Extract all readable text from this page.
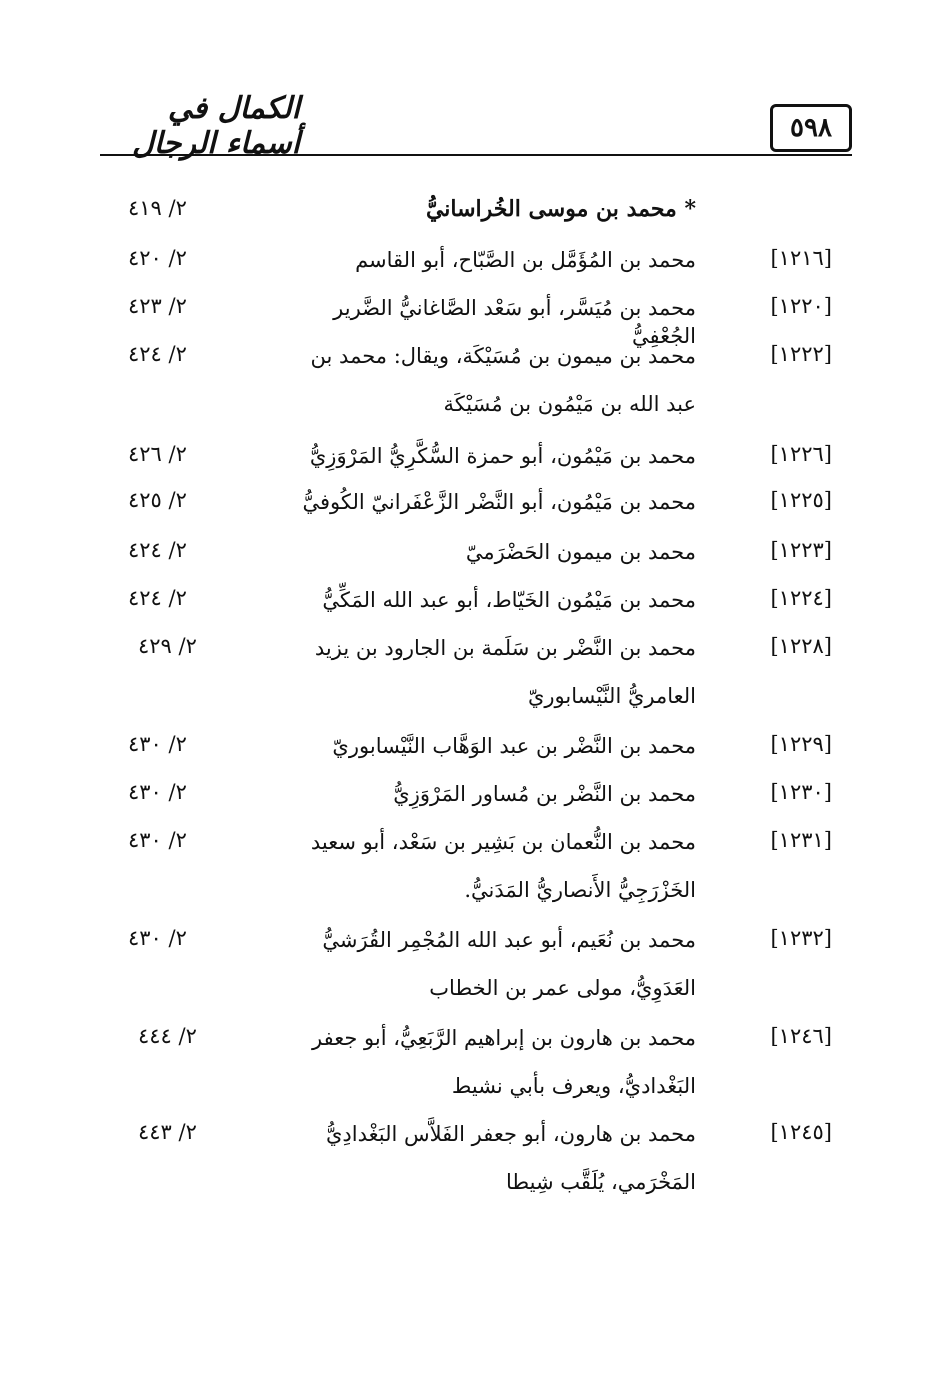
٥٩٨
الكمال في أسماء الرجال
* محمد بن موسى الخُراسانيُّ
٢/ ٤١٩
[١٢١٦]
محمد بن المُؤَمَّل بن الصَّبّاح، أبو القاسم
٢/ ٤٢٠
[١٢٢٠]
محمد بن مُيَسَّر، أبو سَعْد الصَّاغانيُّ الضَّرير الجُعْفِيُّ
٢/ ٤٢٣
[١٢٢٢]
محمد بن ميمون بن مُسَيْكَة، ويقال: محمد بن عبد الله بن مَيْمُون بن مُسَيْكَة
٢/ ٤٢٤
[١٢٢٦]
محمد بن مَيْمُون، أبو حمزة السُّكَّرِيُّ المَرْوَزِيُّ
٢/ ٤٢٦
[١٢٢٥]
محمد بن مَيْمُون، أبو النَّضْر الزَّعْفَرانيّ الكُوفيُّ
٢/ ٤٢٥
[١٢٢٣]
محمد بن ميمون الحَضْرَميّ
٢/ ٤٢٤
[١٢٢٤]
محمد بن مَيْمُون الخَيّاط، أبو عبد الله المَكِّيُّ
٢/ ٤٢٤
[١٢٢٨]
محمد بن النَّضْر بن سَلَمة بن الجارود بن يزيد العامريُّ النَّيْسابوريّ
٢/ ٤٢٩
[١٢٢٩]
محمد بن النَّضْر بن عبد الوَهَّاب النَّيْسابوريّ
٢/ ٤٣٠
[١٢٣٠]
محمد بن النَّضْر بن مُساور المَرْوَزِيُّ
٢/ ٤٣٠
[١٢٣١]
محمد بن النُّعمان بن بَشِير بن سَعْد، أبو سعيد الخَزْرَجِيُّ الأَنصاريُّ المَدَنيُّ.
٢/ ٤٣٠
[١٢٣٢]
محمد بن نُعَيم، أبو عبد الله المُجْمِر القُرَشيُّ العَدَوِيُّ، مولى عمر بن الخطاب
٢/ ٤٣٠
[١٢٤٦]
محمد بن هارون بن إبراهيم الرَّبَعِيُّ، أبو جعفر البَغْداديُّ، ويعرف بأبي نشيط
٢/ ٤٤٤
[١٢٤٥]
محمد بن هارون، أبو جعفر الفَلاَّس البَغْدادِيُّ المَخْرَمي، يُلَقَّب شِيطا
٢/ ٤٤٣
